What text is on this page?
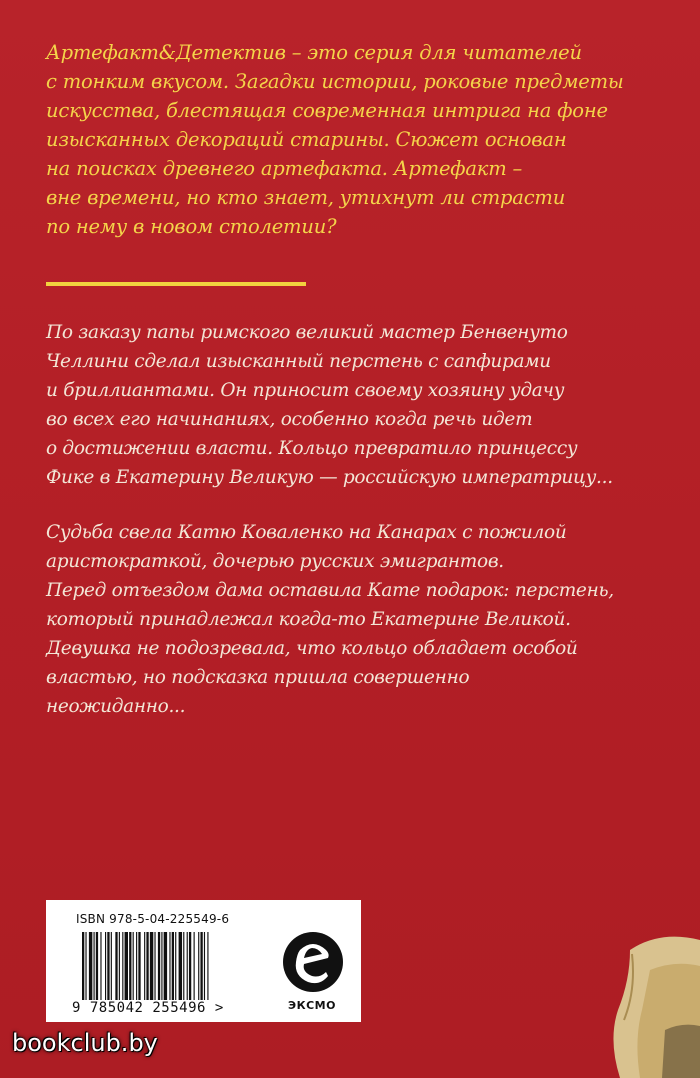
Артефакт&Детектив – это серия для читателей
с тонким вкусом. Загадки истории, роковые предметы
искусства, блестящая современная интрига на фоне
изысканных декораций старины. Сюжет основан
на поисках древнего артефакта. Артефакт –
вне времени, но кто знает, утихнут ли страсти
по нему в новом столетии?

По заказу папы римского великий мастер Бенвенуто
Челлини сделал изысканный перстень с сапфирами
и бриллиантами. Он приносит своему хозяину удачу
во всех его начинаниях, особенно когда речь идет
о достижении власти. Кольцо превратило принцессу
Фике в Екатерину Великую — российскую императрицу...

Судьба свела Катю Коваленко на Канарах с пожилой
аристократкой, дочерью русских эмигрантов.
Перед отъездом дама оставила Кате подарок: перстень,
который принадлежал когда-то Екатерине Великой.
Девушка не подозревала, что кольцо обладает особой
властью, но подсказка пришла совершенно
неожиданно...

ISBN 978-5-04-225549-6
9 785042 255496 >	ЭКСМО
bookclub.by
